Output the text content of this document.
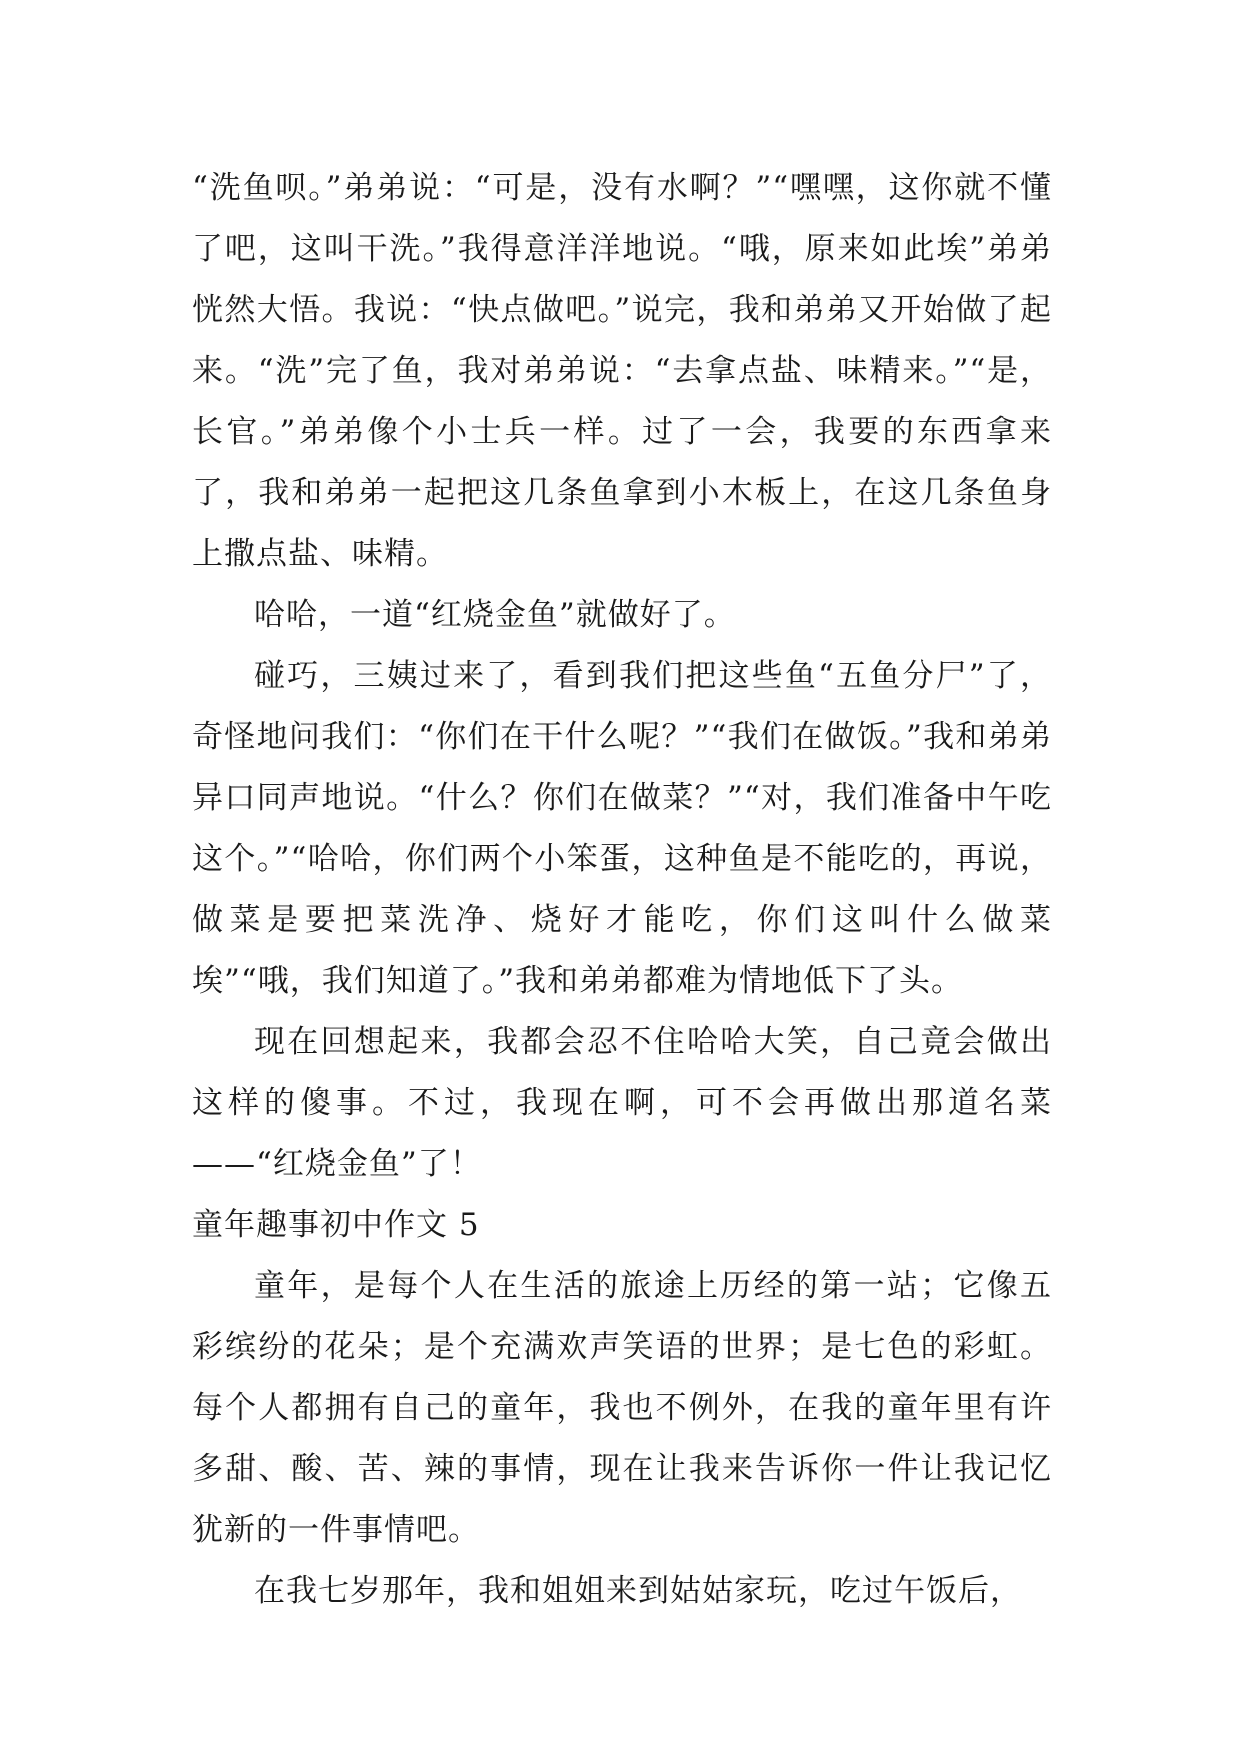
“洗鱼呗。”弟弟说：“可是，没有水啊？”“嘿嘿，这你就不懂了吧，这叫干洗。”我得意洋洋地说。“哦，原来如此埃”弟弟恍然大悟。我说：“快点做吧。”说完，我和弟弟又开始做了起来。“洗”完了鱼，我对弟弟说：“去拿点盐、味精来。”“是，长官。”弟弟像个小士兵一样。过了一会，我要的东西拿来了，我和弟弟一起把这几条鱼拿到小木板上，在这几条鱼身上撒点盐、味精。

哈哈，一道“红烧金鱼”就做好了。

碰巧，三姨过来了，看到我们把这些鱼“五鱼分尸”了，奇怪地问我们：“你们在干什么呢？”“我们在做饭。”我和弟弟异口同声地说。“什么？你们在做菜？”“对，我们准备中午吃这个。”“哈哈，你们两个小笨蛋，这种鱼是不能吃的，再说，做菜是要把菜洗净、烧好才能吃，你们这叫什么做菜埃”“哦，我们知道了。”我和弟弟都难为情地低下了头。

现在回想起来，我都会忍不住哈哈大笑，自己竟会做出这样的傻事。不过，我现在啊，可不会再做出那道名菜——“红烧金鱼”了！

童年趣事初中作文 5

童年，是每个人在生活的旅途上历经的第一站；它像五彩缤纷的花朵；是个充满欢声笑语的世界；是七色的彩虹。每个人都拥有自己的童年，我也不例外，在我的童年里有许多甜、酸、苦、辣的事情，现在让我来告诉你一件让我记忆犹新的一件事情吧。

在我七岁那年，我和姐姐来到姑姑家玩，吃过午饭后，
